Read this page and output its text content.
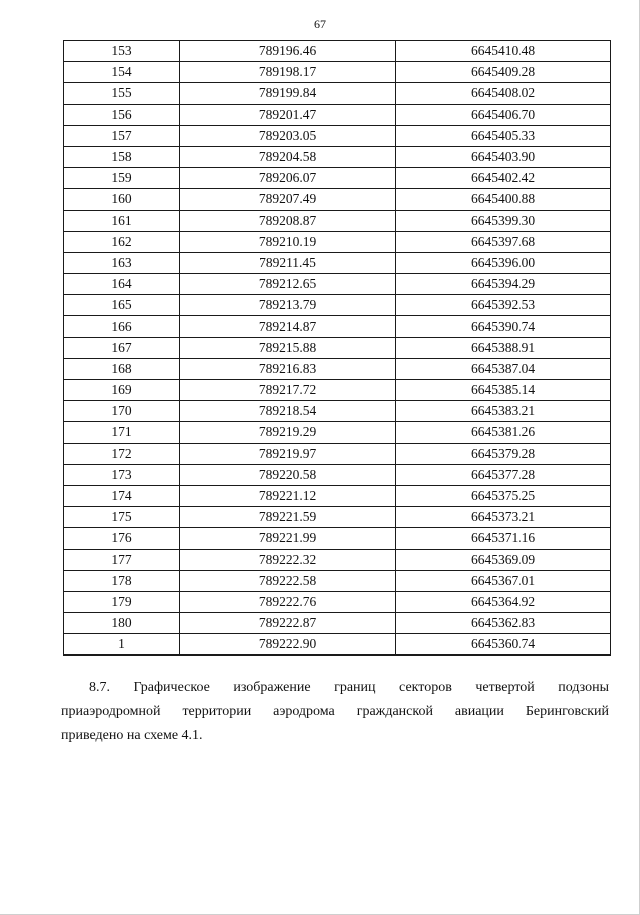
67
153	789196.46	6645410.48
154	789198.17	6645409.28
155	789199.84	6645408.02
156	789201.47	6645406.70
157	789203.05	6645405.33
158	789204.58	6645403.90
159	789206.07	6645402.42
160	789207.49	6645400.88
161	789208.87	6645399.30
162	789210.19	6645397.68
163	789211.45	6645396.00
164	789212.65	6645394.29
165	789213.79	6645392.53
166	789214.87	6645390.74
167	789215.88	6645388.91
168	789216.83	6645387.04
169	789217.72	6645385.14
170	789218.54	6645383.21
171	789219.29	6645381.26
172	789219.97	6645379.28
173	789220.58	6645377.28
174	789221.12	6645375.25
175	789221.59	6645373.21
176	789221.99	6645371.16
177	789222.32	6645369.09
178	789222.58	6645367.01
179	789222.76	6645364.92
180	789222.87	6645362.83
1	789222.90	6645360.74

8.7. Графическое изображение границ секторов четвертой подзоны
приаэродромной территории аэродрома гражданской авиации Беринговский
приведено на схеме 4.1.
